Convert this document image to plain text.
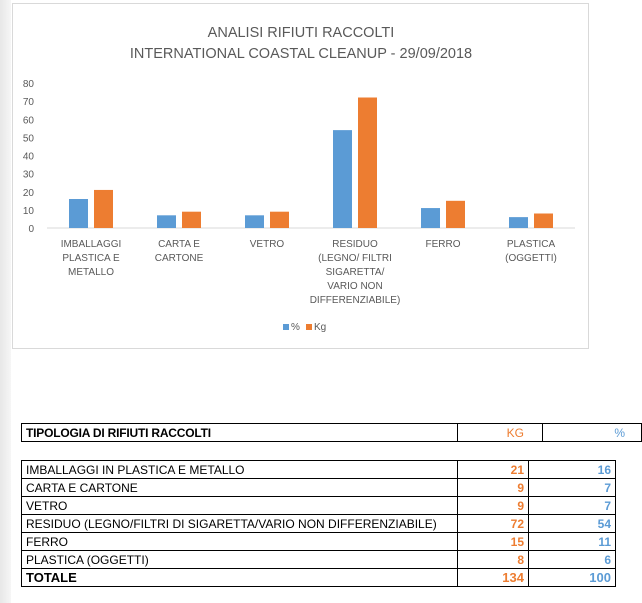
ANALISI RIFIUTI RACCOLTI
INTERNATIONAL COASTAL CLEANUP - 29/09/2018
0
10
20
30
40
50
60
70
80
IMBALLAGGI
PLASTICA E
METALLO
CARTA E
CARTONE
VETRO	RESIDUO
(LEGNO/ FILTRI
SIGARETTA/
VARIO NON
DIFFERENZIABILE)
FERRO	PLASTICA
(OGGETTI)
% Kg
TIPOLOGIA DI RIFIUTI RACCOLTI	KG	%
IMBALLAGGI IN PLASTICA E METALLO	21	16
CARTA E CARTONE	9	7
VETRO	9	7
RESIDUO (LEGNO/FILTRI DI SIGARETTA/VARIO NON DIFFERENZIABILE)	72	54
FERRO	15	11
PLASTICA (OGGETTI)	8	6
TOTALE	134	100
